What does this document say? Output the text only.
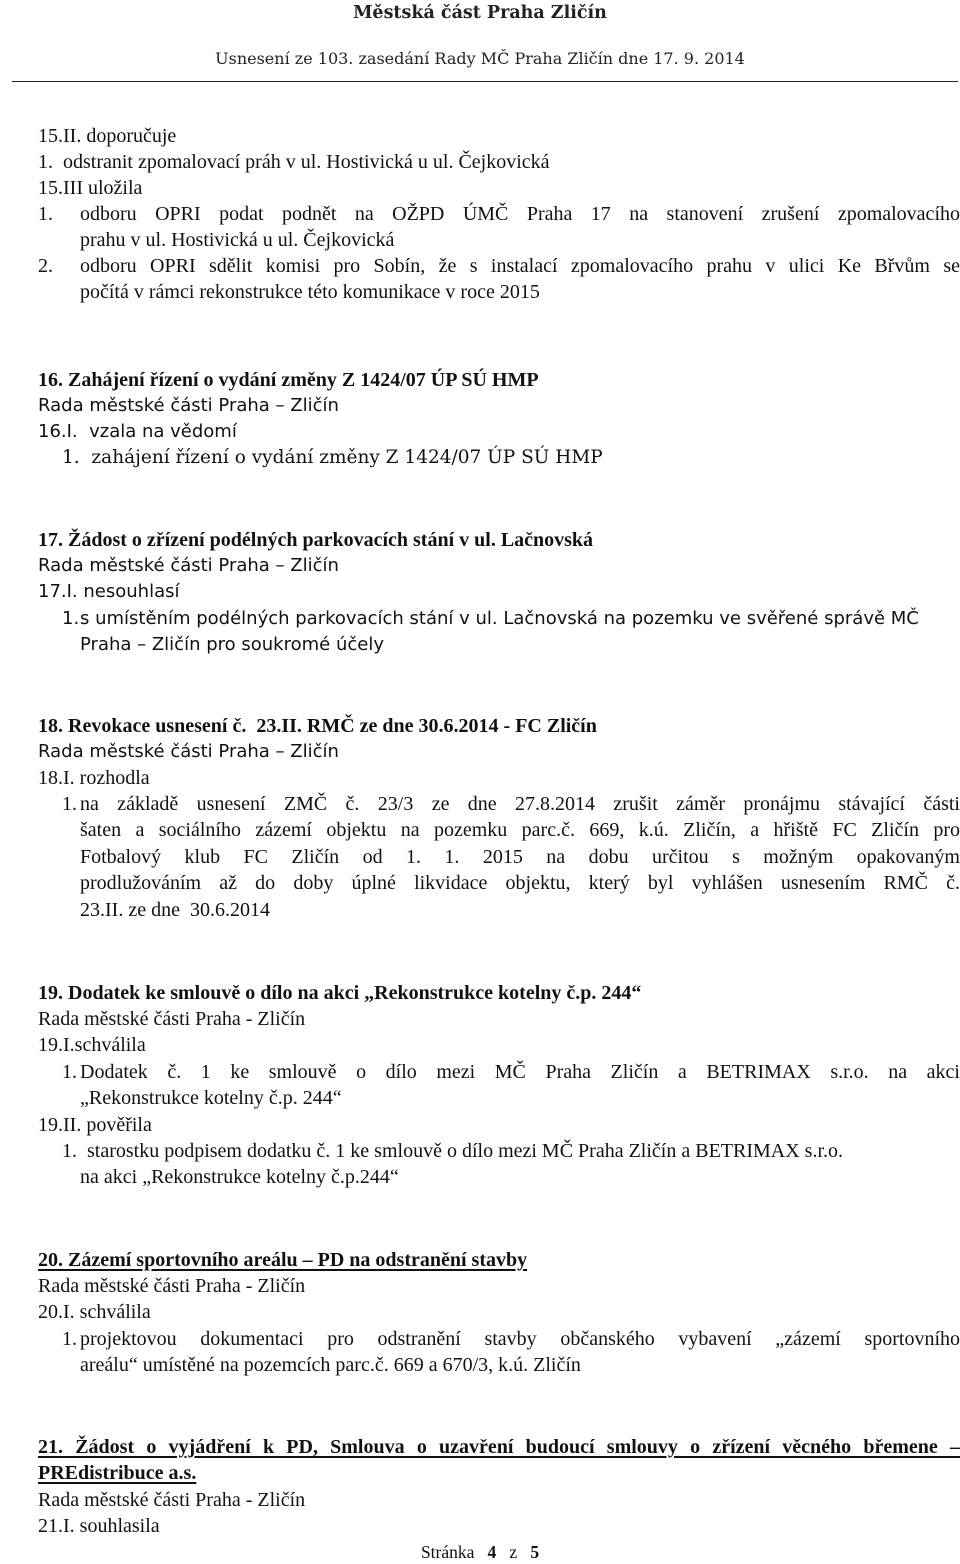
Městská část Praha Zličín
Usnesení ze 103. zasedání Rady MČ Praha Zličín dne 17. 9. 2014
15.II. doporučuje
1.  odstranit zpomalovací práh v ul. Hostivická u ul. Čejkovická
15.III uložila
1. odboru OPRI podat podnět na OŽPD ÚMČ Praha 17 na stanovení zrušení zpomalovacího
prahu v ul. Hostivická u ul. Čejkovická
2. odboru OPRI sdělit komisi pro Sobín, že s instalací zpomalovacího prahu v ulici Ke Břvům se
počítá v rámci rekonstrukce této komunikace v roce 2015
16. Zahájení řízení o vydání změny Z 1424/07 ÚP SÚ HMP
Rada městské části Praha – Zličín
16.I.  vzala na vědomí
1.  zahájení řízení o vydání změny Z 1424/07 ÚP SÚ HMP
17. Žádost o zřízení podélných parkovacích stání v ul. Lačnovská
Rada městské části Praha – Zličín
17.I. nesouhlasí
1. s umístěním podélných parkovacích stání v ul. Lačnovská na pozemku ve svěřené správě MČ
Praha – Zličín pro soukromé účely
18. Revokace usnesení č.  23.II. RMČ ze dne 30.6.2014 - FC Zličín
Rada městské části Praha – Zličín
18.I. rozhodla
1. na základě usnesení ZMČ č. 23/3 ze dne 27.8.2014 zrušit záměr pronájmu stávající části
šaten a sociálního zázemí objektu na pozemku parc.č. 669, k.ú. Zličín, a hřiště FC Zličín pro
Fotbalový klub FC Zličín od 1. 1. 2015 na dobu určitou s možným opakovaným
prodlužováním až do doby úplné likvidace objektu, který byl vyhlášen usnesením RMČ č.
23.II. ze dne  30.6.2014
19. Dodatek ke smlouvě o dílo na akci „Rekonstrukce kotelny č.p. 244“
Rada městské části Praha - Zličín
19.I.schválila
1. Dodatek č. 1 ke smlouvě o dílo mezi MČ Praha Zličín a BETRIMAX s.r.o. na akci
„Rekonstrukce kotelny č.p. 244“
19.II. pověřila
1.  starostku podpisem dodatku č. 1 ke smlouvě o dílo mezi MČ Praha Zličín a BETRIMAX s.r.o.
na akci „Rekonstrukce kotelny č.p.244“
20. Zázemí sportovního areálu – PD na odstranění stavby
Rada městské části Praha - Zličín
20.I. schválila
1. projektovou dokumentaci pro odstranění stavby občanského vybavení „zázemí sportovního
areálu“ umístěné na pozemcích parc.č. 669 a 670/3, k.ú. Zličín
21. Žádost o vyjádření k PD, Smlouva o uzavření budoucí smlouvy o zřízení věcného břemene –
PREdistribuce a.s.
Rada městské části Praha - Zličín
21.I. souhlasila
Stránka 4 z 5
